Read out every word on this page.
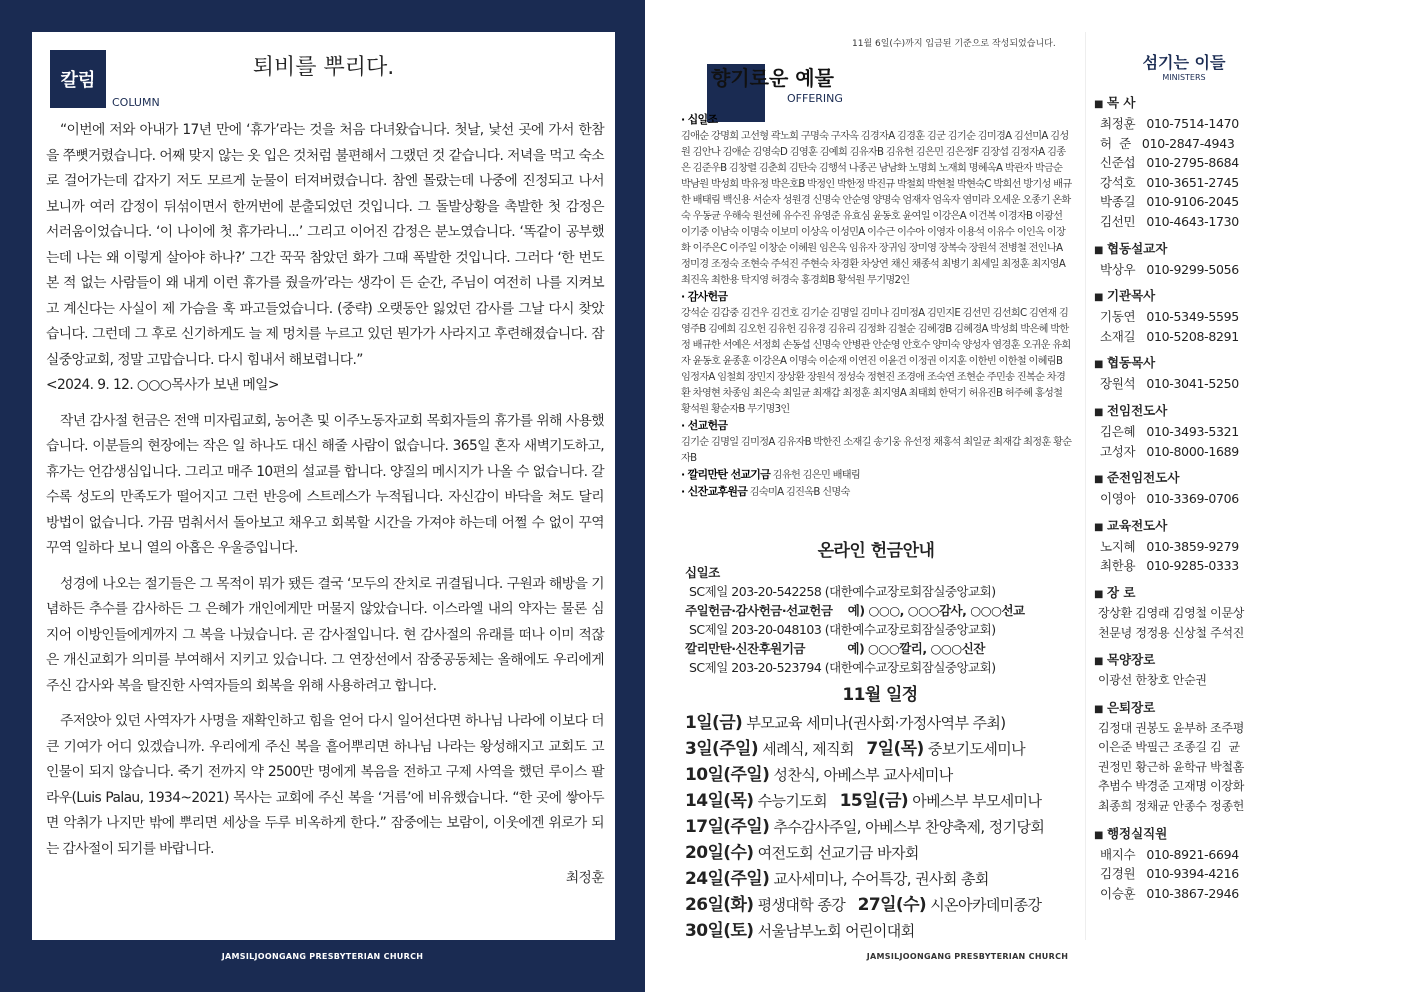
칼럼
COLUMN
퇴비를 뿌리다.

“이번에 저와 아내가 17년 만에 ‘휴가’라는 것을 처음 다녀왔습니다. 첫날, 낯선 곳에 가서 한참을 쭈뼛거렸습니다. 어째 맞지 않는 옷 입은 것처럼 불편해서 그랬던 것 같습니다. 저녁을 먹고 숙소로 걸어가는데 갑자기 저도 모르게 눈물이 터져버렸습니다. 참엔 몰랐는데 나중에 진정되고 나서 보니까 여러 감정이 뒤섞이면서 한꺼번에 분출되었던 것입니다. 그 돌발상황을 촉발한 첫 감정은 서러움이었습니다. ‘이 나이에 첫 휴가라니...’ 그리고 이어진 감정은 분노였습니다. ‘똑같이 공부했는데 나는 왜 이렇게 살아야 하나?’ 그간 꾹꾹 참았던 화가 그때 폭발한 것입니다. 그러다 ‘한 번도 본 적 없는 사람들이 왜 내게 이런 휴가를 줬을까’라는 생각이 든 순간, 주님이 여전히 나를 지켜보고 계신다는 사실이 제 가슴을 훅 파고들었습니다. (중략) 오랫동안 잃었던 감사를 그날 다시 찾았습니다. 그런데 그 후로 신기하게도 늘 제 멍치를 누르고 있던 뭔가가 사라지고 후련해졌습니다. 잠실중앙교회, 정말 고맙습니다. 다시 힘내서 해보렵니다.”

<2024. 9. 12. ○○○목사가 보낸 메일>

작년 감사절 헌금은 전액 미자립교회, 농어촌 및 이주노동자교회 목회자들의 휴가를 위해 사용했습니다. 이분들의 현장에는 작은 일 하나도 대신 해줄 사람이 없습니다. 365일 혼자 새벽기도하고, 휴가는 언감생심입니다. 그리고 매주 10편의 설교를 합니다. 양질의 메시지가 나올 수 없습니다. 갈수록 성도의 만족도가 떨어지고 그런 반응에 스트레스가 누적됩니다. 자신감이 바닥을 쳐도 달리 방법이 없습니다. 가끔 멈춰서서 돌아보고 채우고 회복할 시간을 가져야 하는데 어쩔 수 없이 꾸역꾸역 일하다 보니 열의 아홉은 우울증입니다.

성경에 나오는 절기들은 그 목적이 뭐가 됐든 결국 ‘모두의 잔치로 귀결됩니다. 구원과 해방을 기념하든 추수를 감사하든 그 은혜가 개인에게만 머물지 않았습니다. 이스라엘 내의 약자는 물론 심지어 이방인들에게까지 그 복을 나눴습니다. 곧 감사절입니다. 현 감사절의 유래를 떠나 이미 적잖은 개신교회가 의미를 부여해서 지키고 있습니다. 그 연장선에서 잠중공동체는 올해에도 우리에게 주신 감사와 복을 탈진한 사역자들의 회복을 위해 사용하려고 합니다.

주저앉아 있던 사역자가 사명을 재확인하고 힘을 얻어 다시 일어선다면 하나님 나라에 이보다 더 큰 기여가 어디 있겠습니까. 우리에게 주신 복을 흩어뿌리면 하나님 나라는 왕성해지고 교회도 고인물이 되지 않습니다. 죽기 전까지 약 2500만 명에게 복음을 전하고 구제 사역을 했던 루이스 팔라우(Luis Palau, 1934~2021) 목사는 교회에 주신 복을 ‘거름’에 비유했습니다. “한 곳에 쌓아두면 악취가 나지만 밖에 뿌리면 세상을 두루 비옥하게 한다.” 잠중에는 보람이, 이웃에겐 위로가 되는 감사절이 되기를 바랍니다.

최정훈

JAMSILJOONGANG PRESBYTERIAN CHURCH
11월 6일(수)까지 입금된 기준으로 작성되었습니다.
향기로운 예물
OFFERING
· 십일조
김애순 강명희 고선형 곽노희 구명숙 구자옥 김경자A 김경훈 김군 김기순 김미경A 김선미A 김성원 김안나 김애순 김영숙D 김영훈 김예희 김유자B 김유헌 김은민 김은정F 김장섭 김정자A 김종은 김준우B 김창렬 김춘희 김탄숙 김행석 나종곤 남남화 노명희 노재희 명혜옥A 박관자 박금순 박남원 박성희 박유정 박은호B 박정인 박한정 박진규 박철희 박현철 박현숙C 박희선 방기성 배규한 배태림 백신용 서순자 성원경 신명숙 안순영 양명숙 엄재자 엄옥자 염미라 오세운 오종기 온화숙 우동균 우해숙 원선혜 유수진 유영준 유효심 윤동호 윤여일 이강은A 이건복 이경자B 이광선 이기중 이남숙 이명숙 이보미 이상옥 이성민A 이수근 이수아 이영자 이용석 이유수 이인옥 이장화 이주은C 이주일 이창순 이혜원 임은옥 임유자 장귀임 장미영 장복숙 장원석 전병철 전인나A 정미경 조정숙 조현숙 주석진 주현숙 차경환 차상연 채신 채종석 최병기 최세일 최정훈 최지영A 최진옥 최한용 탁지영 허경숙 홍경희B 황석원 무기명2인
· 감사헌금
강석순 김갑중 김건우 김건호 김기순 김명일 김미나 김미정A 김민지E 김선민 김선희C 김연재 김영주B 김예희 김오헌 김유헌 김유경 김유리 김정화 김철순 김혜경B 김혜경A 박성희 박은혜 박한정 배규한 서예은 서정희 손동섭 신명숙 안병관 안순영 안호수 양미숙 양성자 염경훈 오귀운 유희자 윤동호 윤종훈 이강은A 이명숙 이순재 이연진 이윤건 이정권 이지훈 이한빈 이한철 이혜림B 임정자A 임철희 장민지 장상환 장원석 정성숙 정현진 조경애 조숙연 조현순 주민송 진복순 차경환 차영현 차종임 최은숙 최일균 최재갑 최정훈 최지영A 최태희 한덕기 허유진B 허주혜 홍성철 황석원 황순자B 무기명3인
· 선교헌금
김기순 김명일 김미정A 김유자B 박한진 소재길 송기웅 유선정 채홍석 최일균 최재갑 최정훈 황순자B
· 깔리만탄 선교기금 김유헌 김은민 배태림
· 신잔교후원금 김숙미A 김진옥B 신명숙
온라인 헌금안내
십일조
SC제일 203-20-542258 (대한예수교장로회잠실중앙교회)
주일헌금·감사헌금·선교헌금    예) ○○○, ○○○감사, ○○○선교
SC제일 203-20-048103 (대한예수교장로회잠실중앙교회)
깔리만탄·신잔후원기금           예) ○○○깔리, ○○○신잔
SC제일 203-20-523794 (대한예수교장로회잠실중앙교회)
11월 일정
1일(금) 부모교육 세미나(권사회·가정사역부 주최)
3일(주일) 세례식, 제직회 7일(목) 중보기도세미나
10일(주일) 성찬식, 아베스부 교사세미나
14일(목) 수능기도회 15일(금) 아베스부 부모세미나
17일(주일) 추수감사주일, 아베스부 찬양축제, 정기당회
20일(수) 여전도회 선교기금 바자회
24일(주일) 교사세미나, 수어특강, 권사회 총회
26일(화) 평생대학 종강 27일(수) 시온아카데미종강
30일(토) 서울남부노회 어린이대회
섬기는 이들
MINISTERS
■ 목 사
최정훈   010-7514-1470
허  준   010-2847-4943
신준섭   010-2795-8684
강석호   010-3651-2745
박종길   010-9106-2045
김선민   010-4643-1730
■ 협동설교자
박상우   010-9299-5056
■ 기관목사
기동연   010-5349-5595
소재길   010-5208-8291
■ 협동목사
장원석   010-3041-5250
■ 전임전도사
김은혜   010-3493-5321
고성자   010-8000-1689
■ 준전임전도사
이영아   010-3369-0706
■ 교육전도사
노지혜   010-3859-9279
최한용   010-9285-0333
■ 장 로
장상환 김영래 김영철 이문상
천문녕 정정용 신상철 주석진
■ 목양장로
이광선 한창호 안순권
■ 은퇴장로
김정대 권봉도 윤부하 조주평
이은준 박필근 조종길 김  균
권정민 황근하 윤학규 박철홈
추범수 박경준 고재명 이장화
최종희 정채균 안종수 정종헌
■ 행정실직원
배지수   010-8921-6694
김경원   010-9394-4216
이승훈   010-3867-2946
JAMSILJOONGANG PRESBYTERIAN CHURCH
